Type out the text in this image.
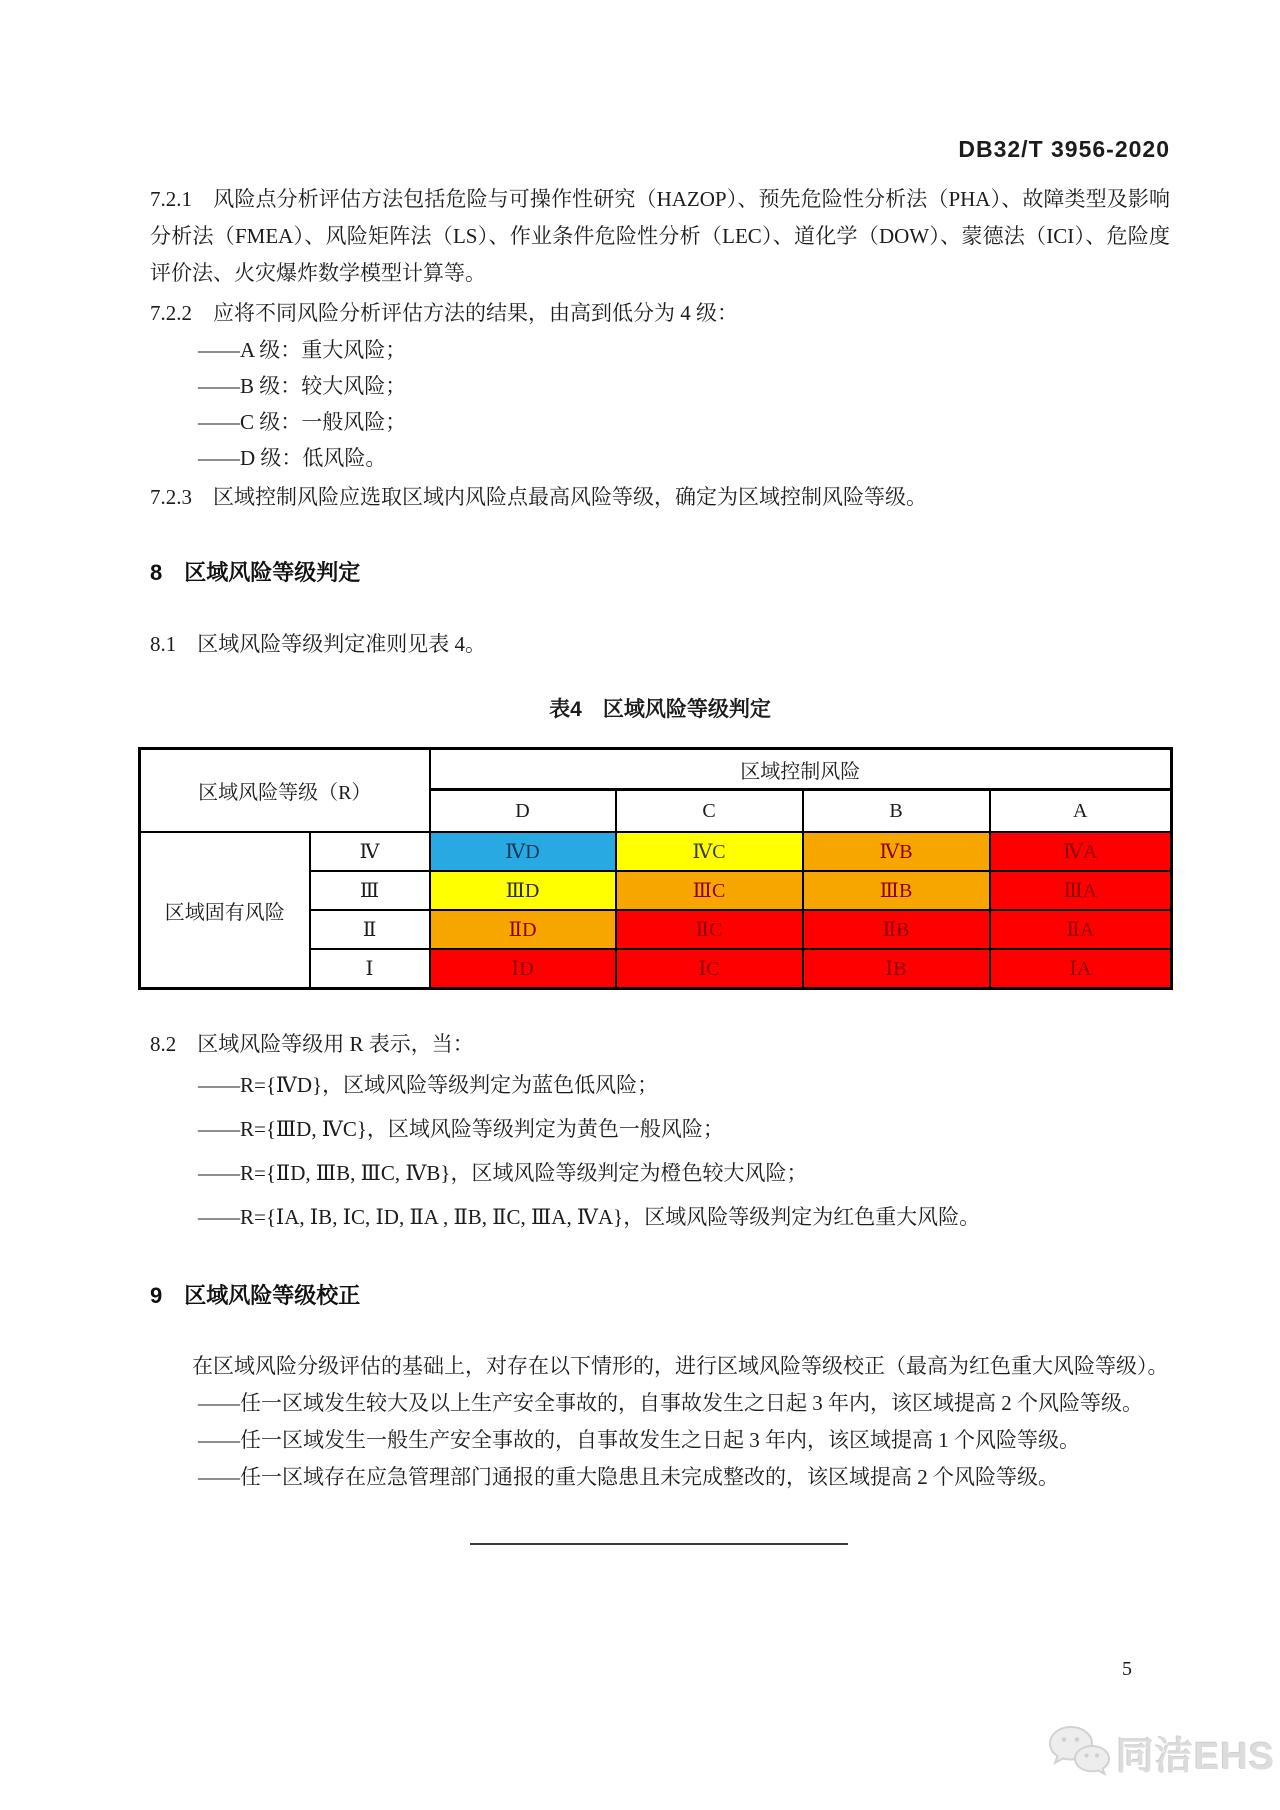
DB32/T 3956-2020

7.2.1　风险点分析评估方法包括危险与可操作性研究（HAZOP）、预先危险性分析法（PHA）、故障类型及影响分析法（FMEA）、风险矩阵法（LS）、作业条件危险性分析（LEC）、道化学（DOW）、蒙德法（ICI）、危险度评价法、火灾爆炸数学模型计算等。

7.2.2　应将不同风险分析评估方法的结果，由高到低分为 4 级：

——A 级：重大风险；
——B 级：较大风险；
——C 级：一般风险；
——D 级：低风险。

7.2.3　区域控制风险应选取区域内风险点最高风险等级，确定为区域控制风险等级。

8　区域风险等级判定

8.1　区域风险等级判定准则见表 4。

表4　区域风险等级判定
区域风险等级（R）		区域控制风险			
		D	C	B	A
区域固有风险	Ⅳ	ⅣD	ⅣC	ⅣB	ⅣA
	Ⅲ	ⅢD	ⅢC	ⅢB	ⅢA
	Ⅱ	ⅡD	ⅡC	ⅡB	ⅡA
	Ⅰ	ⅠD	ⅠC	ⅠB	ⅠA

8.2　区域风险等级用 R 表示，当：

——R={ⅣD}，区域风险等级判定为蓝色低风险；
——R={ⅢD, ⅣC}，区域风险等级判定为黄色一般风险；
——R={ⅡD, ⅢB, ⅢC, ⅣB}，区域风险等级判定为橙色较大风险；
——R={ⅠA, ⅠB, ⅠC, ⅠD, ⅡA , ⅡB, ⅡC, ⅢA, ⅣA}，区域风险等级判定为红色重大风险。
9　区域风险等级校正

在区域风险分级评估的基础上，对存在以下情形的，进行区域风险等级校正（最高为红色重大风险等级）。

——任一区域发生较大及以上生产安全事故的，自事故发生之日起 3 年内，该区域提高 2 个风险等级。
——任一区域发生一般生产安全事故的，自事故发生之日起 3 年内，该区域提高 1 个风险等级。
——任一区域存在应急管理部门通报的重大隐患且未完成整改的，该区域提高 2 个风险等级。
5
同洁EHS
